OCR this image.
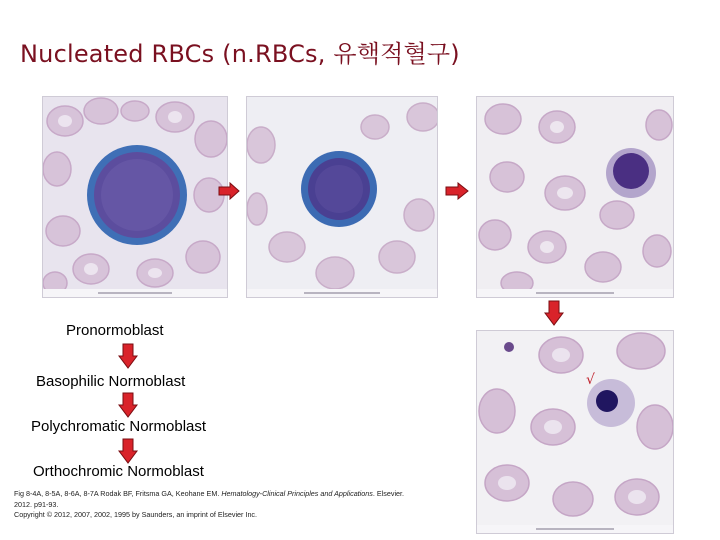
Nucleated RBCs (n.RBCs, 유핵적혈구)
Pronormoblast
Basophilic Normoblast
Polychromatic Normoblast
Orthochromic Normoblast
√
Fig 8-4A, 8-5A, 8-6A, 8-7A Rodak BF, Fritsma GA, Keohane EM. Hematology-Clinical Principles and Applications. Elsevier.
2012. p91-93.
Copyright © 2012, 2007, 2002, 1995 by Saunders, an imprint of Elsevier Inc.
